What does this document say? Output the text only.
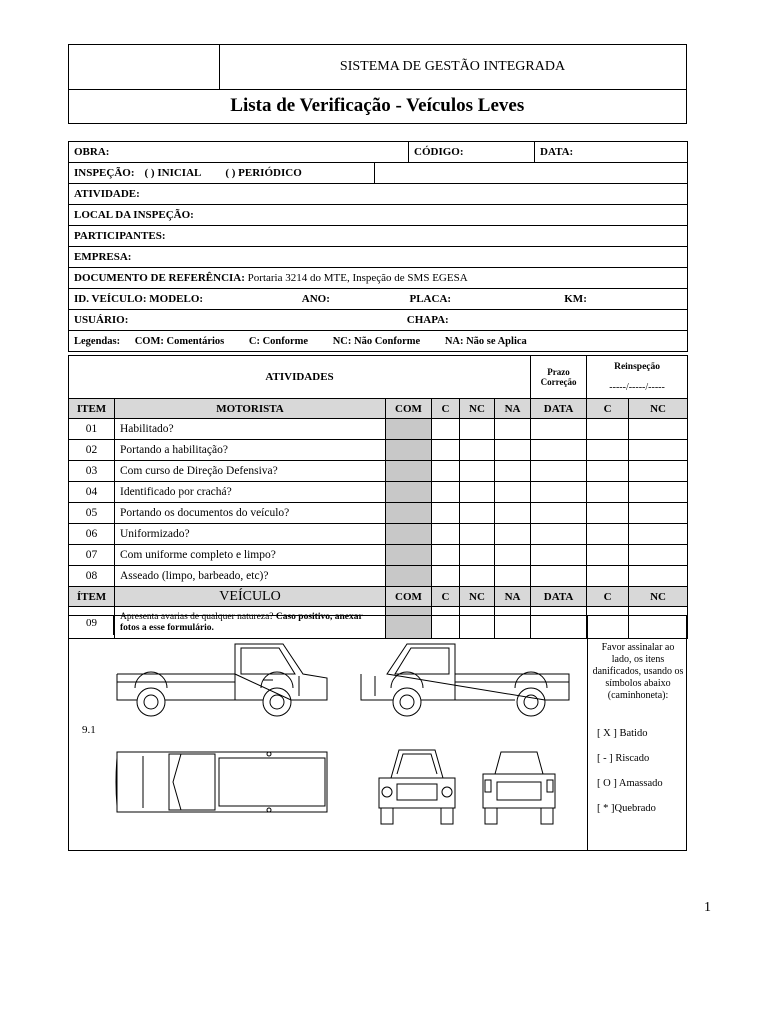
SISTEMA DE GESTÃO INTEGRADA
Lista de Verificação - Veículos Leves
OBRA:	CÓDIGO:	DATA:

INSPEÇÃO: ( ) INICIAL ( ) PERIÓDICO

ATIVIDADE:
LOCAL DA INSPEÇÃO:
PARTICIPANTES:
EMPRESA:
DOCUMENTO DE REFERÊNCIA: Portaria 3214 do MTE, Inspeção de SMS EGESA
ID. VEÍCULO: MODELO:	ANO:	PLACA:	KM:
USUÁRIO:	CHAPA:
Legendas: COM: Comentários C: Conforme NC: Não Conforme NA: Não se Aplica
ATIVIDADES						Prazo Correção	Reinspeção
-----/-----/-----	

ITEM	MOTORISTA	COM	C	NC	NA	DATA	C	NC
01	Habilitado?							
02	Portando a habilitação?							
03	Com curso de Direção Defensiva?							
04	Identificado por crachá?							
05	Portando os documentos do veículo?							
06	Uniformizado?							
07	Com uniforme completo e limpo?							
08	Asseado (limpo, barbeado, etc)?							
ÍTEM	VEÍCULO	COM	C	NC	NA	DATA	C	NC
09	Apresenta avarias de qualquer natureza? Caso positivo, anexar fotos a esse formulário.							
9.1
Favor assinalar ao lado, os itens danificados, usando os símbolos abaixo (caminhoneta):
[ X ] Batido
[ - ] Riscado
[ O ] Amassado
[ * ]Quebrado
1
